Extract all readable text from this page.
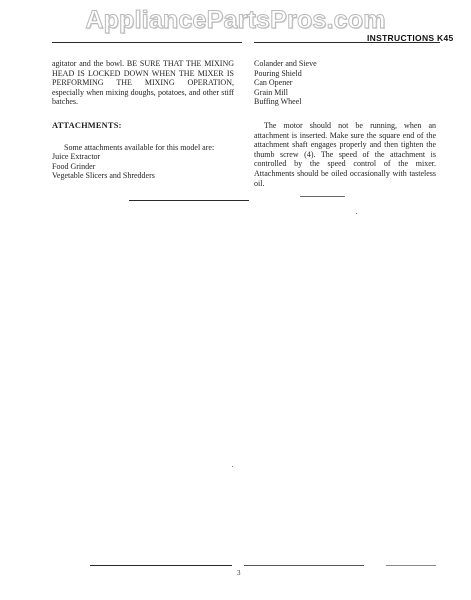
AppliancePartsPros.com
INSTRUCTIONS K45

agitator and the bowl. BE SURE THAT THE MIXING HEAD IS LOCKED DOWN WHEN THE MIXER IS PERFORMING THE MIXING OPERATION, especially when mixing doughs, potatoes, and other stiff batches.

ATTACHMENTS:

Some attachments available for this model are:

Juice Extractor
Food Grinder
Vegetable Slicers and Shredders
Colander and Sieve
Pouring Shield
Can Opener
Grain Mill
Buffing Wheel

The motor should not be running, when an attachment is inserted. Make sure the square end of the attachment shaft engages properly and then tighten the thumb screw (4). The speed of the attachment is controlled by the speed control of the mixer. Attachments should be oiled occasionally with tasteless oil.

3
